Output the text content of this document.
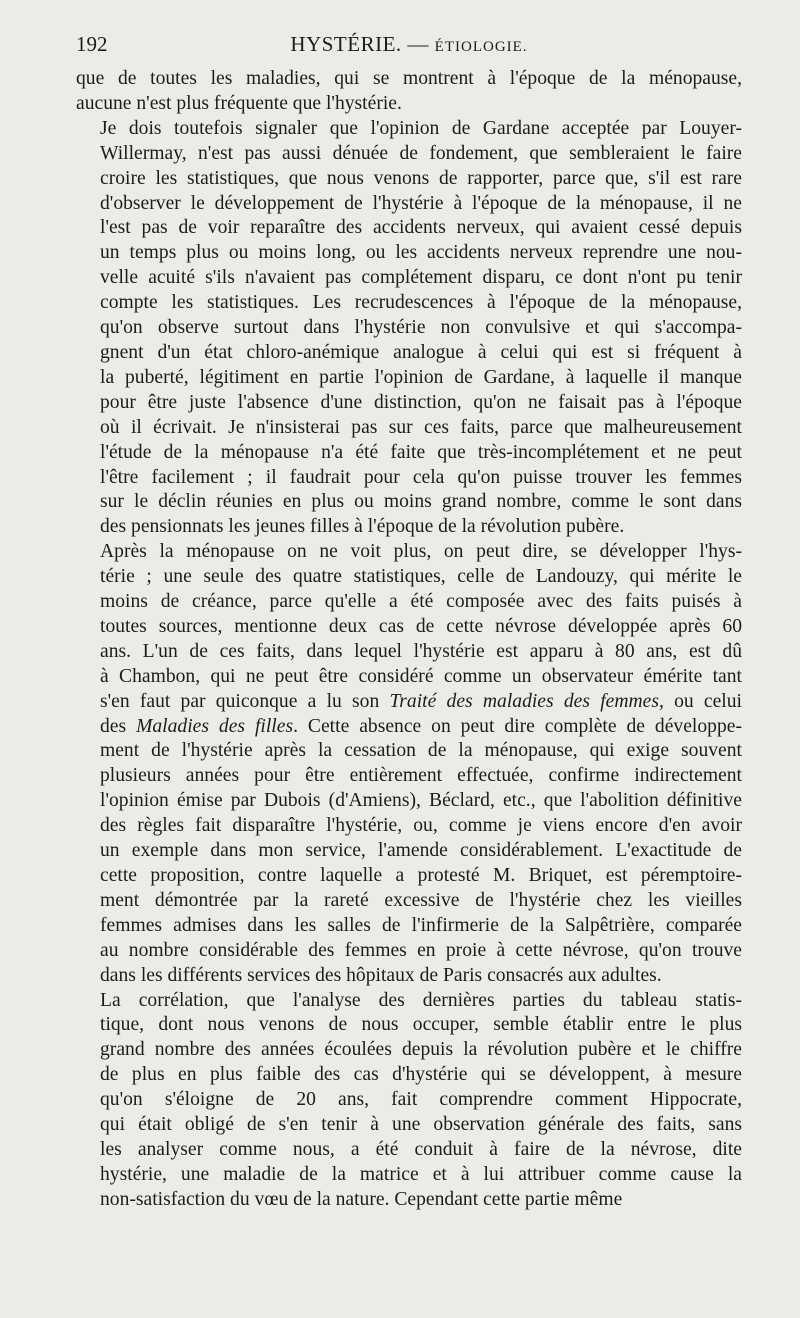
192	HYSTÉRIE. — ÉTIOLOGIE.

que de toutes les maladies, qui se montrent à l'époque de la ménopause,
aucune n'est plus fréquente que l'hystérie.

Je dois toutefois signaler que l'opinion de Gardane acceptée par Louyer-
Willermay, n'est pas aussi dénuée de fondement, que sembleraient le faire
croire les statistiques, que nous venons de rapporter, parce que, s'il est rare
d'observer le développement de l'hystérie à l'époque de la ménopause, il ne
l'est pas de voir reparaître des accidents nerveux, qui avaient cessé depuis
un temps plus ou moins long, ou les accidents nerveux reprendre une nou-
velle acuité s'ils n'avaient pas complétement disparu, ce dont n'ont pu tenir
compte les statistiques. Les recrudescences à l'époque de la ménopause,
qu'on observe surtout dans l'hystérie non convulsive et qui s'accompa-
gnent d'un état chloro-anémique analogue à celui qui est si fréquent à
la puberté, légitiment en partie l'opinion de Gardane, à laquelle il manque
pour être juste l'absence d'une distinction, qu'on ne faisait pas à l'époque
où il écrivait. Je n'insisterai pas sur ces faits, parce que malheureusement
l'étude de la ménopause n'a été faite que très-incomplétement et ne peut
l'être facilement ; il faudrait pour cela qu'on puisse trouver les femmes
sur le déclin réunies en plus ou moins grand nombre, comme le sont dans
des pensionnats les jeunes filles à l'époque de la révolution pubère.

Après la ménopause on ne voit plus, on peut dire, se développer l'hys-
térie ; une seule des quatre statistiques, celle de Landouzy, qui mérite le
moins de créance, parce qu'elle a été composée avec des faits puisés à
toutes sources, mentionne deux cas de cette névrose développée après 60
ans. L'un de ces faits, dans lequel l'hystérie est apparu à 80 ans, est dû
à Chambon, qui ne peut être considéré comme un observateur émérite tant
s'en faut par quiconque a lu son Traité des maladies des femmes, ou celui
des Maladies des filles. Cette absence on peut dire complète de développe-
ment de l'hystérie après la cessation de la ménopause, qui exige souvent
plusieurs années pour être entièrement effectuée, confirme indirectement
l'opinion émise par Dubois (d'Amiens), Béclard, etc., que l'abolition définitive
des règles fait disparaître l'hystérie, ou, comme je viens encore d'en avoir
un exemple dans mon service, l'amende considérablement. L'exactitude de
cette proposition, contre laquelle a protesté M. Briquet, est péremptoire-
ment démontrée par la rareté excessive de l'hystérie chez les vieilles
femmes admises dans les salles de l'infirmerie de la Salpêtrière, comparée
au nombre considérable des femmes en proie à cette névrose, qu'on trouve
dans les différents services des hôpitaux de Paris consacrés aux adultes.

La corrélation, que l'analyse des dernières parties du tableau statis-
tique, dont nous venons de nous occuper, semble établir entre le plus
grand nombre des années écoulées depuis la révolution pubère et le chiffre
de plus en plus faible des cas d'hystérie qui se développent, à mesure
qu'on s'éloigne de 20 ans, fait comprendre comment Hippocrate,
qui était obligé de s'en tenir à une observation générale des faits, sans
les analyser comme nous, a été conduit à faire de la névrose, dite
hystérie, une maladie de la matrice et à lui attribuer comme cause la
non-satisfaction du vœu de la nature. Cependant cette partie même
